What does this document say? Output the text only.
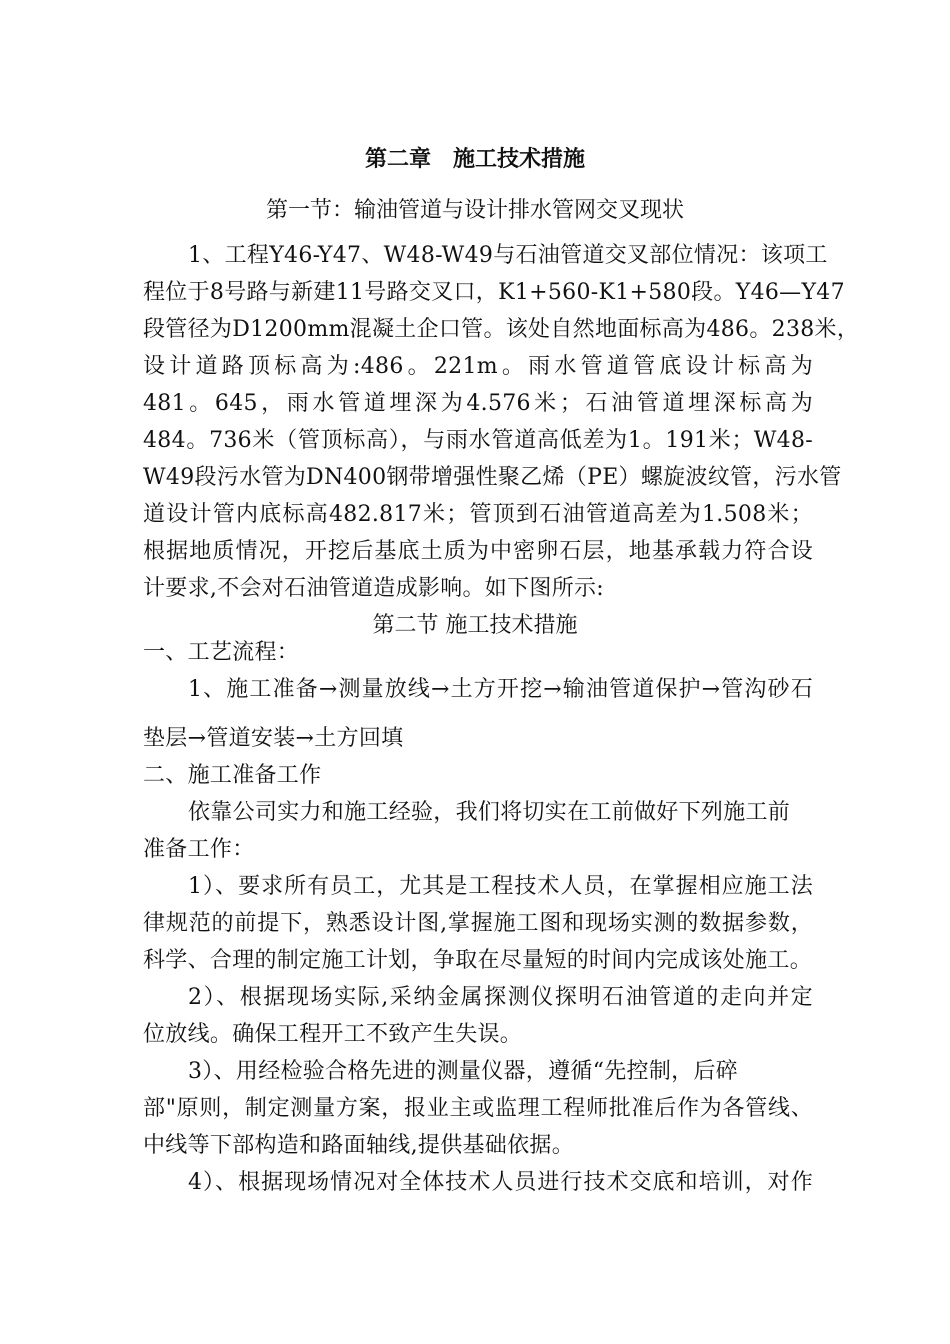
第二章　施工技术措施
第一节：输油管道与设计排水管网交叉现状
1、工程Y46-Y47、W48-W49与石油管道交叉部位情况：该项工
程位于8号路与新建11号路交叉口，K1+560-K1+580段。Y46—Y47
段管径为D1200mm混凝土企口管。该处自然地面标高为486。238米，
设计道路顶标高为:486。221m。雨水管道管底设计标高为
481。645，雨水管道埋深为4.576米；石油管道埋深标高为
484。736米（管顶标高），与雨水管道高低差为1。191米；W48-
W49段污水管为DN400钢带增强性聚乙烯（PE）螺旋波纹管，污水管
道设计管内底标高482.817米；管顶到石油管道高差为1.508米；
根据地质情况，开挖后基底土质为中密卵石层，地基承载力符合设
计要求,不会对石油管道造成影响。如下图所示:
第二节 施工技术措施
一、工艺流程：
1、施工准备→测量放线→土方开挖→输油管道保护→管沟砂石
垫层→管道安装→土方回填
二、施工准备工作
依靠公司实力和施工经验，我们将切实在工前做好下列施工前
准备工作：
1）、要求所有员工，尤其是工程技术人员，在掌握相应施工法
律规范的前提下，熟悉设计图,掌握施工图和现场实测的数据参数，
科学、合理的制定施工计划，争取在尽量短的时间内完成该处施工。
2）、根据现场实际,采纳金属探测仪探明石油管道的走向并定
位放线。确保工程开工不致产生失误。
3）、用经检验合格先进的测量仪器，遵循“先控制，后碎
部"原则，制定测量方案，报业主或监理工程师批准后作为各管线、
中线等下部构造和路面轴线,提供基础依据。
4）、根据现场情况对全体技术人员进行技术交底和培训，对作
